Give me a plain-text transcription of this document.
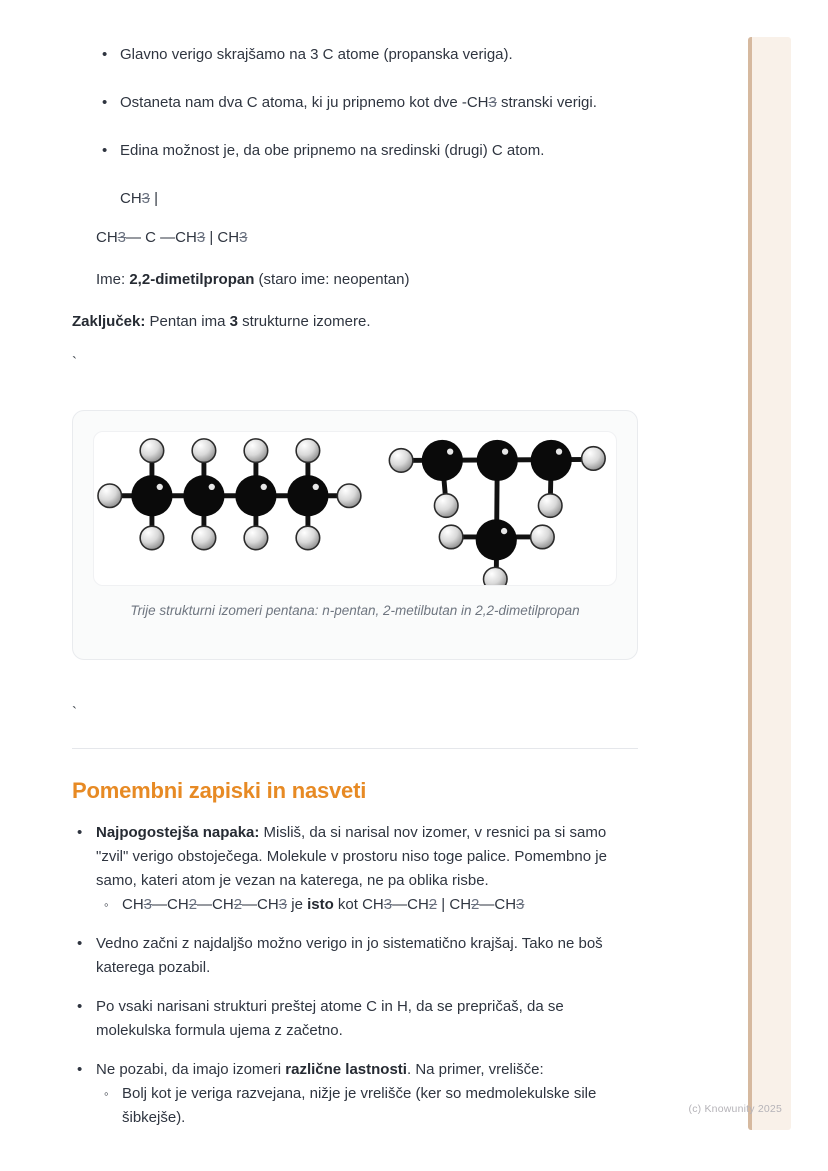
• Glavno verigo skrajšamo na 3 C atome (propanska veriga).
• Ostaneta nam dva C atoma, ki ju pripnemo kot dve -CH3 stranski verigi.
• Edina možnost je, da obe pripnemo na sredinski (drugi) C atom.

CH3 |

CH3— C —CH3 | CH3

Ime: 2,2-dimetilpropan (staro ime: neopentan)

Zaključek: Pentan ima 3 strukturne izomere.

`

Trije strukturni izomeri pentana: n-pentan, 2-metilbutan in 2,2-dimetilpropan

`

Pomembni zapiski in nasveti
• Najpogostejša napaka: Misliš, da si narisal nov izomer, v resnici pa si samo "zvil" verigo obstoječega. Molekule v prostoru niso toge palice. Pomembno je samo, kateri atom je vezan na katerega, ne pa oblika risbe.
◦ CH3—CH2—CH2—CH3 je isto kot CH3—CH2 | CH2—CH3
• Vedno začni z najdaljšo možno verigo in jo sistematično krajšaj. Tako ne boš katerega pozabil.
• Po vsaki narisani strukturi preštej atome C in H, da se prepričaš, da se molekulska formula ujema z začetno.
• Ne pozabi, da imajo izomeri različne lastnosti. Na primer, vrelišče:
◦ Bolj kot je veriga razvejana, nižje je vrelišče (ker so medmolekulske sile šibkejše).	(c) Knowunity 2025
